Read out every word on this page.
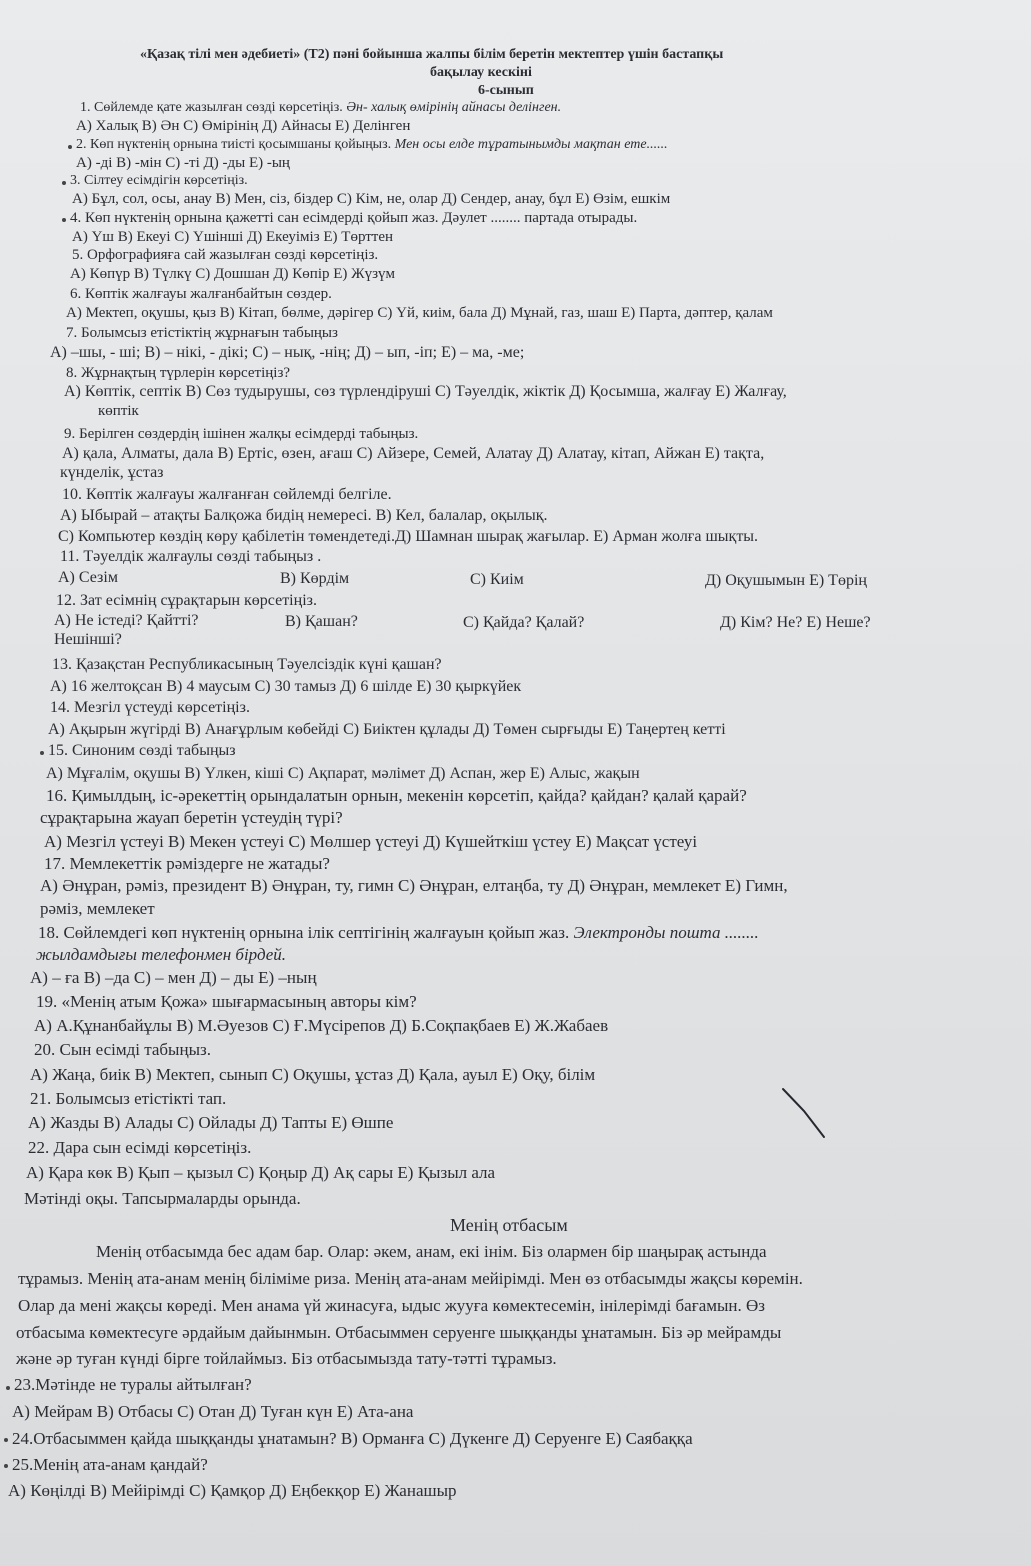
«Қазақ тілі мен әдебиеті» (Т2) пәні бойынша жалпы білім беретін мектептер үшін бастапқы
бақылау кескіні
6-сынып
1. Сөйлемде қате жазылған сөзді көрсетіңіз. Ән- халық өмірінің айнасы делінген.
А) Халық В) Ән С) Өмірінің Д) Айнасы Е) Делінген
2. Көп нүктенің орнына тиісті қосымшаны қойыңыз. Мен осы елде тұратынымды мақтан ете......
А) -ді В) -мін С) -ті Д) -ды Е) -ың
3. Сілтеу есімдігін көрсетіңіз.
А) Бұл, сол, осы, анау В) Мен, сіз, біздер С) Кім, не, олар Д) Сендер, анау, бұл Е) Өзім, ешкім
4. Көп нүктенің орнына қажетті сан есімдерді қойып жаз. Дәулет ........ партада отырады.
А) Үш В) Екеуі С) Үшінші Д) Екеуіміз Е) Төрттен
5. Орфографияға сай жазылған сөзді көрсетіңіз.
А) Көпүр В) Түлкү С) Дошшан Д) Көпір Е) Жүзүм
6. Көптік жалғауы жалғанбайтын сөздер.
А) Мектеп, оқушы, қыз В) Кітап, бөлме, дәрігер С) Үй, киім, бала Д) Мұнай, газ, шаш Е) Парта, дәптер, қалам
7. Болымсыз етістіктің жұрнағын табыңыз
А) –шы, - ші; В) – нікі, - дікі; С) – нық, -нің; Д) – ып, -іп; Е) – ма, -ме;
8. Жұрнақтың түрлерін көрсетіңіз?
А) Көптік, септік В) Сөз тудырушы, сөз түрлендіруші С) Тәуелдік, жіктік Д) Қосымша, жалғау Е) Жалғау,
көптік
9. Берілген сөздердің ішінен жалқы есімдерді табыңыз.
А) қала, Алматы, дала В) Ертіс, өзен, ағаш С) Айзере, Семей, Алатау Д) Алатау, кітап, Айжан Е) тақта,
күнделік, ұстаз
10. Көптік жалғауы жалғанған сөйлемді белгіле.
А) Ыбырай – атақты Балқожа бидің немересі. В) Кел, балалар, оқылық.
С) Компьютер көздің көру қабілетін төмендетеді.Д) Шамнан шырақ жағылар. Е) Арман жолға шықты.
11. Тәуелдік жалғаулы сөзді табыңыз .
А) Сезім	В) Көрдім	С) Киім	Д) Оқушымын Е) Төрің
12. Зат есімнің сұрақтарын көрсетіңіз.
А) Не істеді? Қайтті?	В) Қашан?	С) Қайда? Қалай?	Д) Кім? Не? Е) Неше?
Нешінші?
13. Қазақстан Республикасының Тәуелсіздік күні қашан?
А) 16 желтоқсан В) 4 маусым С) 30 тамыз Д) 6 шілде Е) 30 қыркүйек
14. Мезгіл үстеуді көрсетіңіз.
А) Ақырын жүгірді В) Анағұрлым көбейді С) Биіктен құлады Д) Төмен сырғыды Е) Таңертең кетті
15. Синоним сөзді табыңыз
А) Мұғалім, оқушы В) Үлкен, кіші С) Ақпарат, мәлімет Д) Аспан, жер Е) Алыс, жақын
16. Қимылдың, іс-әрекеттің орындалатын орнын, мекенін көрсетіп, қайда? қайдан? қалай қарай?
сұрақтарына жауап беретін үстеудің түрі?
А) Мезгіл үстеуі В) Мекен үстеуі С) Мөлшер үстеуі Д) Күшейткіш үстеу Е) Мақсат үстеуі
17. Мемлекеттік рәміздерге не жатады?
А) Әнұран, рәміз, президент В) Әнұран, ту, гимн С) Әнұран, елтаңба, ту Д) Әнұран, мемлекет Е) Гимн,
рәміз, мемлекет
18. Сөйлемдегі көп нүктенің орнына ілік септігінің жалғауын қойып жаз. Электронды пошта ........
жылдамдығы телефонмен бірдей.
А) – ға В) –да С) – мен Д) – ды Е) –ның
19. «Менің атым Қожа» шығармасының авторы кім?
А) А.Құнанбайұлы В) М.Әуезов С) Ғ.Мүсірепов Д) Б.Соқпақбаев Е) Ж.Жабаев
20. Сын есімді табыңыз.
А) Жаңа, биік В) Мектеп, сынып С) Оқушы, ұстаз Д) Қала, ауыл Е) Оқу, білім
21. Болымсыз етістікті тап.
А) Жазды В) Алады С) Ойлады Д) Тапты Е) Өшпе
22. Дара сын есімді көрсетіңіз.
А) Қара көк В) Қып – қызыл С) Қоңыр Д) Ақ сары Е) Қызыл ала
Мәтінді оқы. Тапсырмаларды орында.
Менің отбасым
Менің отбасымда бес адам бар. Олар: әкем, анам, екі інім. Біз олармен бір шаңырақ астында
тұрамыз. Менің ата-анам менің біліміме риза. Менің ата-анам мейірімді. Мен өз отбасымды жақсы көремін.
Олар да мені жақсы көреді. Мен анама үй жинасуға, ыдыс жууға көмектесемін, інілерімді бағамын. Өз
отбасыма көмектесуге әрдайым дайынмын. Отбасыммен серуенге шыққанды ұнатамын. Біз әр мейрамды
және әр туған күнді бірге тойлаймыз. Біз отбасымызда тату-тәтті тұрамыз.
23.Мәтінде не туралы айтылған?
А) Мейрам В) Отбасы С) Отан Д) Туған күн Е) Ата-ана
24.Отбасыммен қайда шыққанды ұнатамын? В) Орманға С) Дүкенге Д) Серуенге Е) Саябаққа
25.Менің ата-анам қандай?
А) Көңілді В) Мейірімді С) Қамқор Д) Еңбекқор Е) Жанашыр
